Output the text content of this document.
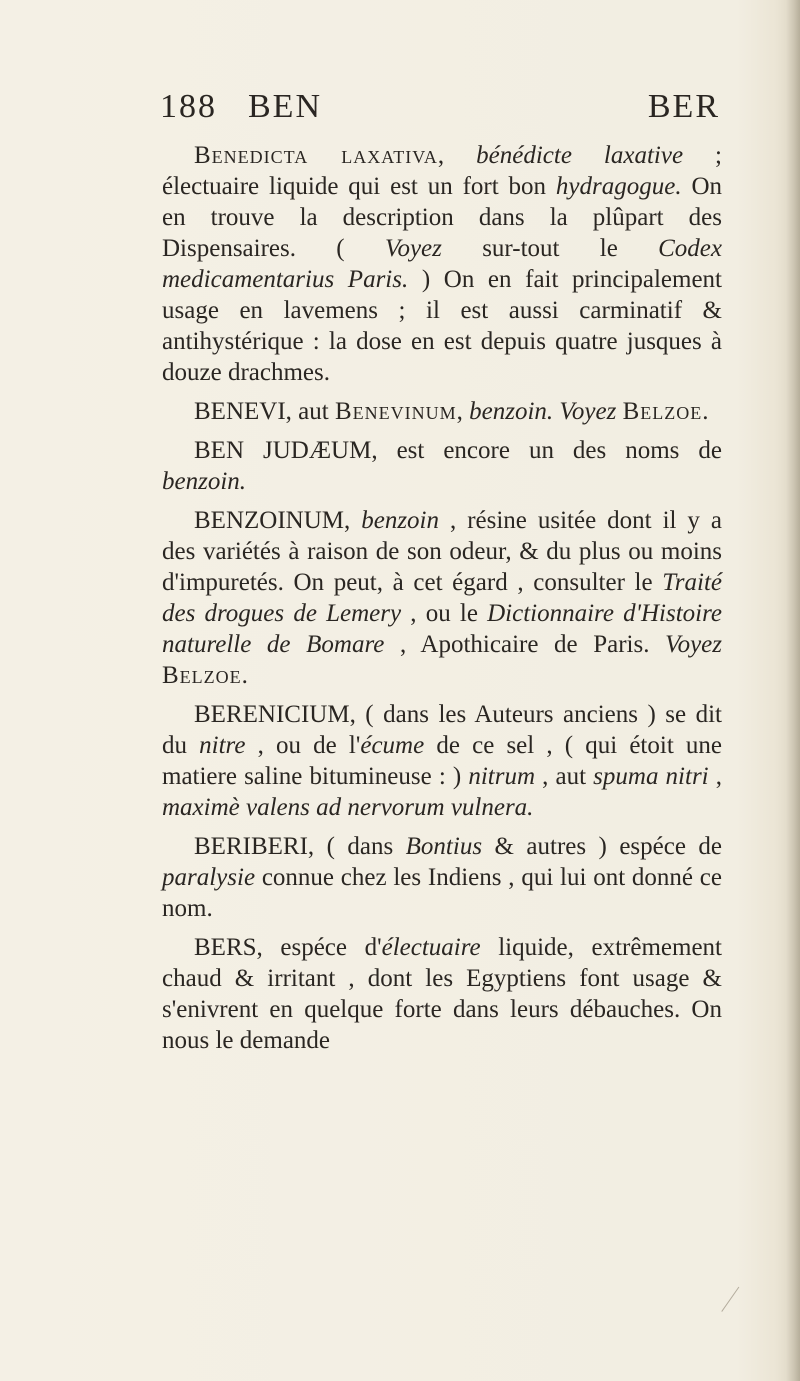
188 BEN	BER

Benedicta laxativa, bénédicte laxative ; électuaire liquide qui est un fort bon hydragogue. On en trouve la description dans la plûpart des Dispensaires. ( Voyez sur-tout le Codex medicamentarius Paris. ) On en fait principalement usage en lavemens ; il est aussi carminatif & antihystérique : la dose en est depuis quatre jusques à douze drachmes.

BENEVI, aut Benevinum, benzoin. Voyez Belzoe.

BEN JUDÆUM, est encore un des noms de benzoin.

BENZOINUM, benzoin , résine usitée dont il y a des variétés à raison de son odeur, & du plus ou moins d'impuretés. On peut, à cet égard , consulter le Traité des drogues de Lemery , ou le Dictionnaire d'Histoire naturelle de Bomare , Apothicaire de Paris. Voyez Belzoe.

BERENICIUM, ( dans les Auteurs anciens ) se dit du nitre , ou de l'écume de ce sel , ( qui étoit une matiere saline bitumineuse : ) nitrum , aut spuma nitri , maximè valens ad nervorum vulnera.

BERIBERI, ( dans Bontius & autres ) espéce de paralysie connue chez les Indiens , qui lui ont donné ce nom.

BERS, espéce d'électuaire liquide, extrêmement chaud & irritant , dont les Egyptiens font usage & s'enivrent en quelque forte dans leurs débauches. On nous le demande
